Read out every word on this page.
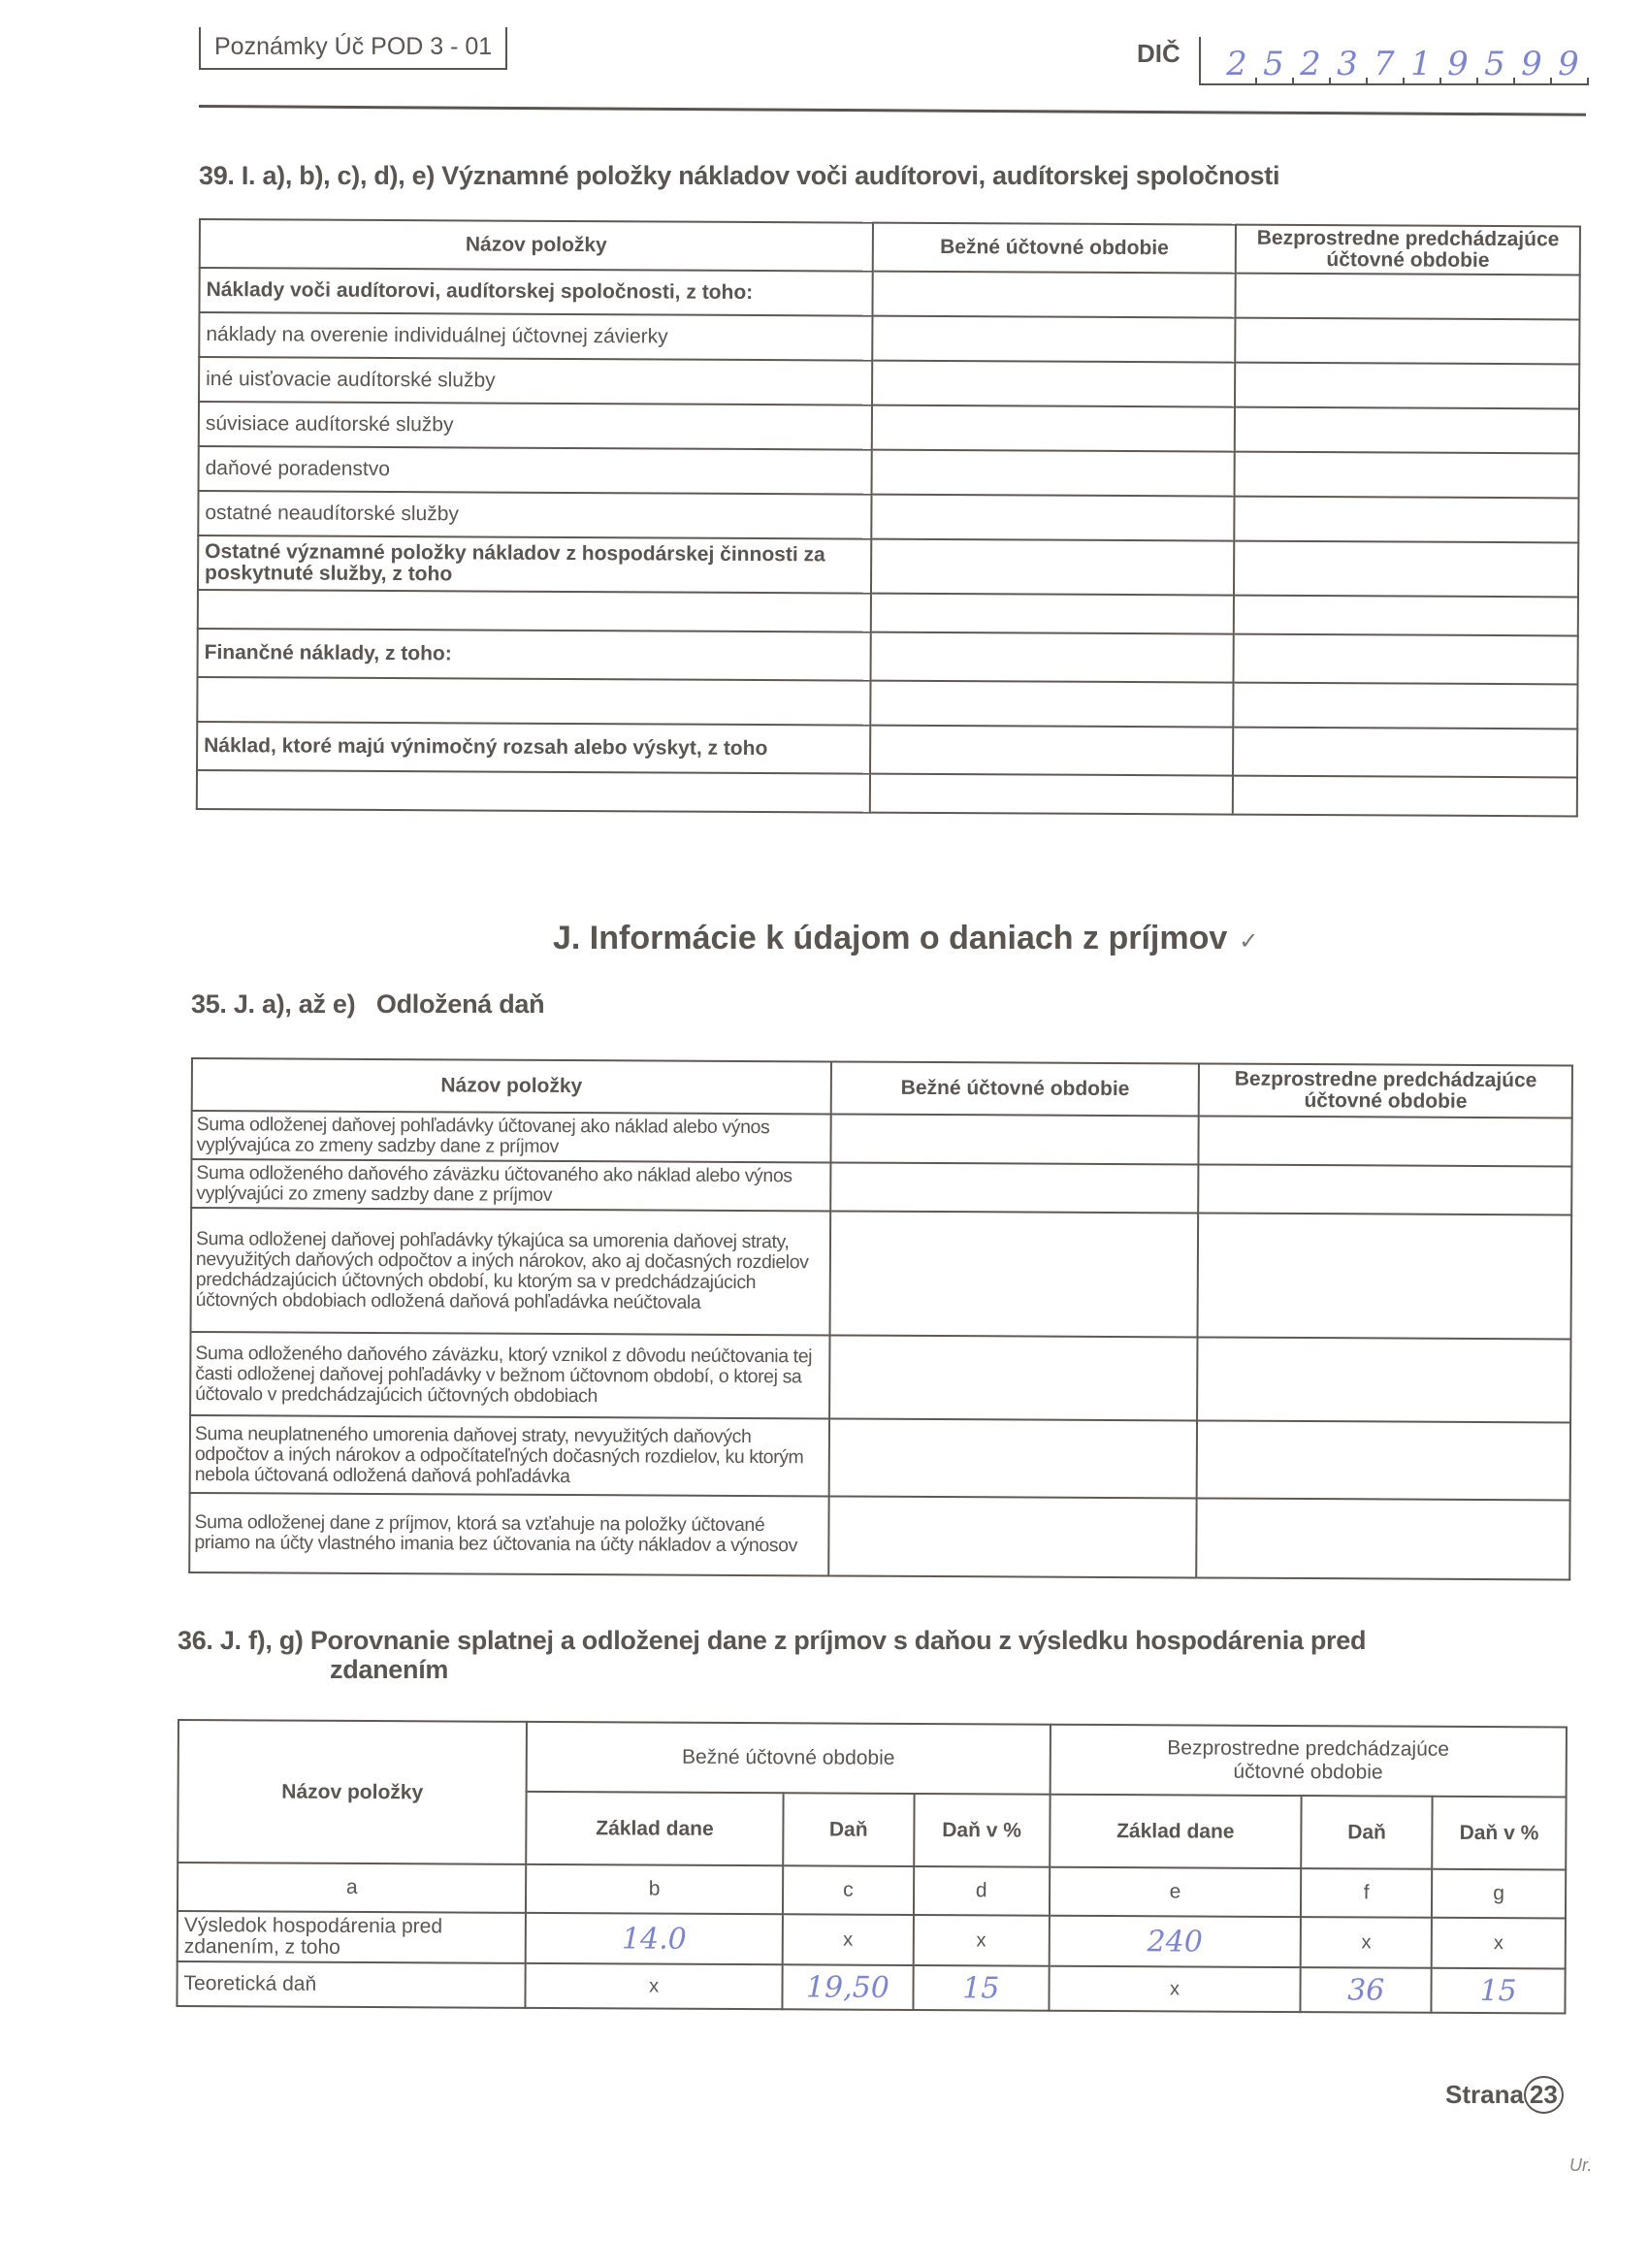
Poznámky Úč POD 3 - 01	DIČ 2 5 2 3 7 1 9 5 9 9
39. I. a), b), c), d), e) Významné položky nákladov voči audítorovi, audítorskej spoločnosti
Názov položky	Bežné účtovné obdobie	Bezprostredne predchádzajúce účtovné obdobie
Náklady voči audítorovi, audítorskej spoločnosti, z toho:		
náklady na overenie individuálnej účtovnej závierky		
iné uisťovacie audítorské služby		
súvisiace audítorské služby		
daňové poradenstvo		
ostatné neaudítorské služby		
Ostatné významné položky nákladov z hospodárskej činnosti za poskytnuté služby, z toho		

Finančné náklady, z toho:		

Náklad, ktoré majú výnimočný rozsah alebo výskyt, z toho		

J. Informácie k údajom o daniach z príjmov ✓
35. J. a), až e)   Odložená daň
Názov položky	Bežné účtovné obdobie	Bezprostredne predchádzajúce účtovné obdobie
Suma odloženej daňovej pohľadávky účtovanej ako náklad alebo výnos vyplývajúca zo zmeny sadzby dane z príjmov		
Suma odloženého daňového záväzku účtovaného ako náklad alebo výnos vyplývajúci zo zmeny sadzby dane z príjmov		
Suma odloženej daňovej pohľadávky týkajúca sa umorenia daňovej straty, nevyužitých daňových odpočtov a iných nárokov, ako aj dočasných rozdielov predchádzajúcich účtovných období, ku ktorým sa v predchádzajúcich účtovných obdobiach odložená daňová pohľadávka neúčtovala		
Suma odloženého daňového záväzku, ktorý vznikol z dôvodu neúčtovania tej časti odloženej daňovej pohľadávky v bežnom účtovnom období, o ktorej sa účtovalo v predchádzajúcich účtovných obdobiach		
Suma neuplatneného umorenia daňovej straty, nevyužitých daňových odpočtov a iných nárokov a odpočítateľných dočasných rozdielov, ku ktorým nebola účtovaná odložená daňová pohľadávka		
Suma odloženej dane z príjmov, ktorá sa vzťahuje na položky účtované priamo na účty vlastného imania bez účtovania na účty nákladov a výnosov		
36. J. f), g) Porovnanie splatnej a odloženej dane z príjmov s daňou z výsledku hospodárenia pred
zdanením
Názov položky	Bežné účtovné obdobie			Bezprostredne predchádzajúce účtovné obdobie		
	Základ dane	Daň	Daň v %	Základ dane	Daň	Daň v %
a	b	c	d	e	f	g
Výsledok hospodárenia pred zdanením, z toho	14.0	x	x	240	x	x
Teoretická daň	x	19,50	15	x	36	15
Strana 23
Ur.
